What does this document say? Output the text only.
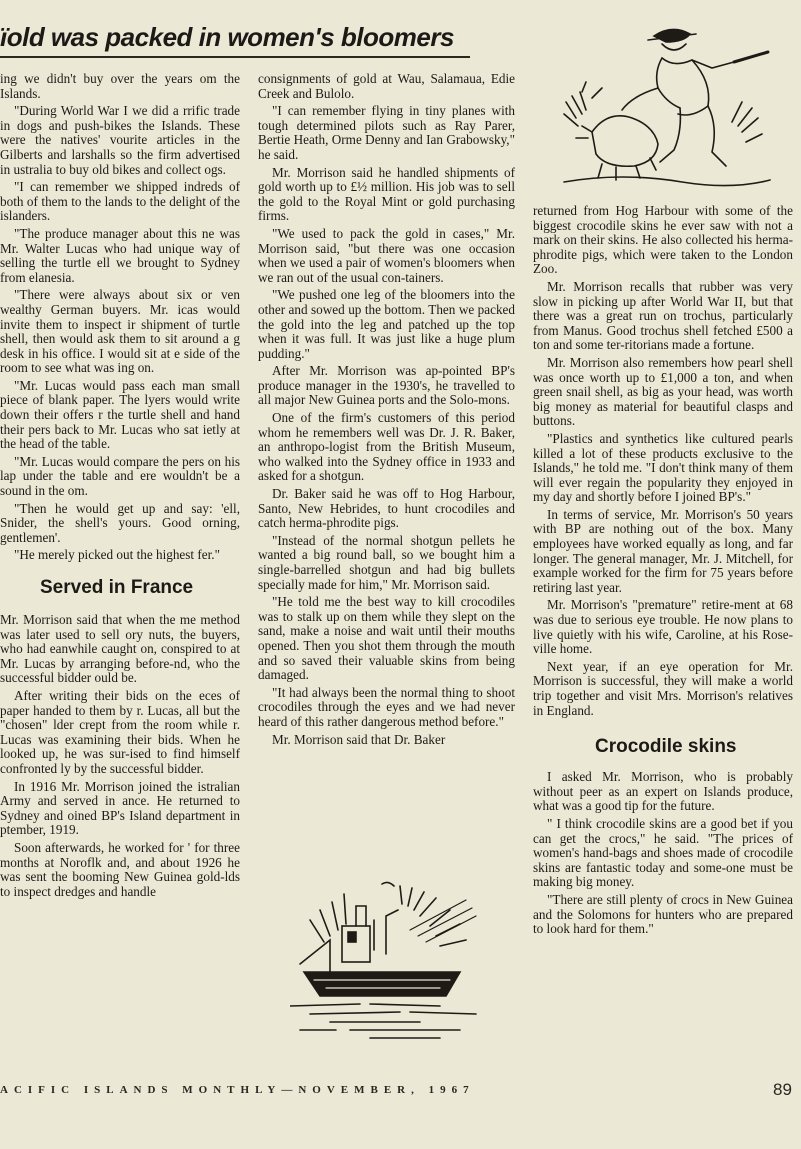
ïold was packed in women's bloomers

ing we didn't buy over the years om the Islands.

"During World War I we did a rrific trade in dogs and push-bikes the Islands. These were the natives' vourite articles in the Gilberts and larshalls so the firm advertised in ustralia to buy old bikes and collect ogs.

"I can remember we shipped indreds of both of them to the lands to the delight of the islanders.

"The produce manager about this ne was Mr. Walter Lucas who had unique way of selling the turtle ell we brought to Sydney from elanesia.

"There were always about six or ven wealthy German buyers. Mr. icas would invite them to inspect ir shipment of turtle shell, then would ask them to sit around a g desk in his office. I would sit at e side of the room to see what was ing on.

"Mr. Lucas would pass each man small piece of blank paper. The lyers would write down their offers r the turtle shell and hand their pers back to Mr. Lucas who sat ietly at the head of the table.

"Mr. Lucas would compare the pers on his lap under the table and ere wouldn't be a sound in the om.

"Then he would get up and say: 'ell, Snider, the shell's yours. Good orning, gentlemen'.

"He merely picked out the highest fer."

Served in France

Mr. Morrison said that when the me method was later used to sell ory nuts, the buyers, who had eanwhile caught on, conspired to at Mr. Lucas by arranging before-nd, who the successful bidder ould be.

After writing their bids on the eces of paper handed to them by r. Lucas, all but the "chosen" lder crept from the room while r. Lucas was examining their bids. When he looked up, he was sur-ised to find himself confronted ly by the successful bidder.

In 1916 Mr. Morrison joined the istralian Army and served in ance. He returned to Sydney and oined BP's Island department in ptember, 1919.

Soon afterwards, he worked for ' for three months at Noroflk and, and about 1926 he was sent the booming New Guinea gold-lds to inspect dredges and handle

consignments of gold at Wau, Salamaua, Edie Creek and Bulolo.

"I can remember flying in tiny planes with tough determined pilots such as Ray Parer, Bertie Heath, Orme Denny and Ian Grabowsky," he said.

Mr. Morrison said he handled shipments of gold worth up to £½ million. His job was to sell the gold to the Royal Mint or gold purchasing firms.

"We used to pack the gold in cases," Mr. Morrison said, "but there was one occasion when we used a pair of women's bloomers when we ran out of the usual con-tainers.

"We pushed one leg of the bloomers into the other and sowed up the bottom. Then we packed the gold into the leg and patched up the top when it was full. It was just like a huge plum pudding."

After Mr. Morrison was ap-pointed BP's produce manager in the 1930's, he travelled to all major New Guinea ports and the Solo-mons.

One of the firm's customers of this period whom he remembers well was Dr. J. R. Baker, an anthropo-logist from the British Museum, who walked into the Sydney office in 1933 and asked for a shotgun.

Dr. Baker said he was off to Hog Harbour, Santo, New Hebrides, to hunt crocodiles and catch herma-phrodite pigs.

"Instead of the normal shotgun pellets he wanted a big round ball, so we bought him a single-barrelled shotgun and had big bullets specially made for him," Mr. Morrison said.

"He told me the best way to kill crocodiles was to stalk up on them while they slept on the sand, make a noise and wait until their mouths opened. Then you shot them through the mouth and so saved their valuable skins from being damaged.

"It had always been the normal thing to shoot crocodiles through the eyes and we had never heard of this rather dangerous method before."

Mr. Morrison said that Dr. Baker

returned from Hog Harbour with some of the biggest crocodile skins he ever saw with not a mark on their skins. He also collected his herma-phrodite pigs, which were taken to the London Zoo.

Mr. Morrison recalls that rubber was very slow in picking up after World War II, but that there was a great run on trochus, particularly from Manus. Good trochus shell fetched £500 a ton and some ter-ritorians made a fortune.

Mr. Morrison also remembers how pearl shell was once worth up to £1,000 a ton, and when green snail shell, as big as your head, was worth big money as material for beautiful clasps and buttons.

"Plastics and synthetics like cultured pearls killed a lot of these products exclusive to the Islands," he told me. "I don't think many of them will ever regain the popularity they enjoyed in my day and shortly before I joined BP's."

In terms of service, Mr. Morrison's 50 years with BP are nothing out of the box. Many employees have worked equally as long, and far longer. The general manager, Mr. J. Mitchell, for example worked for the firm for 75 years before retiring last year.

Mr. Morrison's "premature" retire-ment at 68 was due to serious eye trouble. He now plans to live quietly with his wife, Caroline, at his Rose-ville home.

Next year, if an eye operation for Mr. Morrison is successful, they will make a world trip together and visit Mrs. Morrison's relatives in England.

Crocodile skins

I asked Mr. Morrison, who is probably without peer as an expert on Islands produce, what was a good tip for the future.

" I think crocodile skins are a good bet if you can get the crocs," he said. "The prices of women's hand-bags and shoes made of crocodile skins are fantastic today and some-one must be making big money.

"There are still plenty of crocs in New Guinea and the Solomons for hunters who are prepared to look hard for them."

ACIFIC ISLANDS MONTHLY—NOVEMBER, 1967	89
